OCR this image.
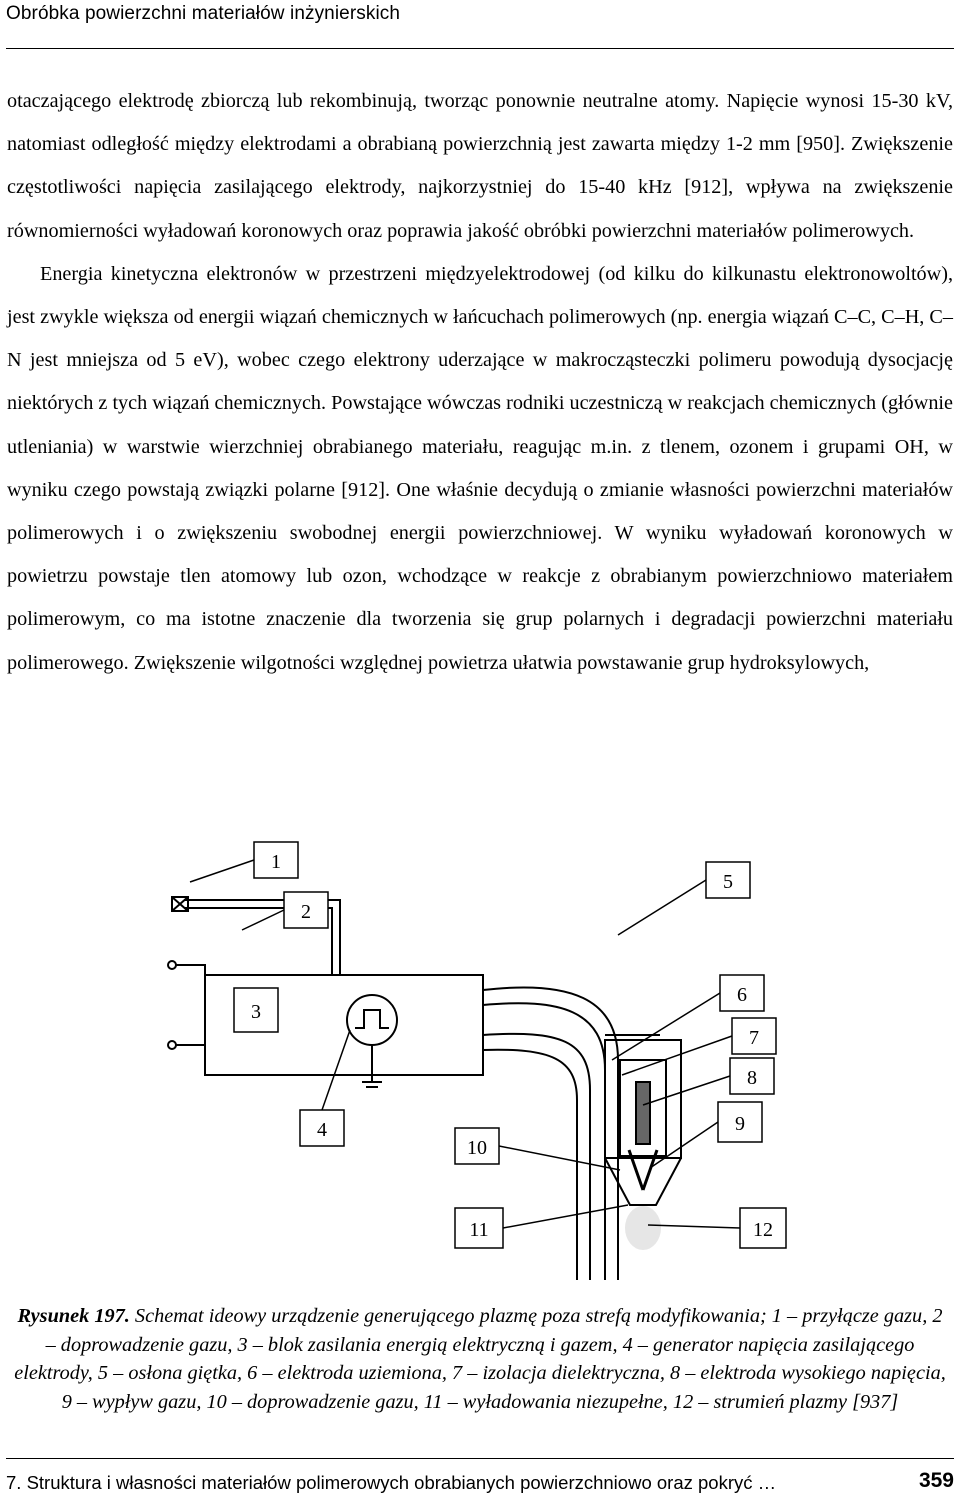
Obróbka powierzchni materiałów inżynierskich

otaczającego elektrodę zbiorczą lub rekombinują, tworząc ponownie neutralne atomy. Napięcie wynosi 15-30 kV, natomiast odległość między elektrodami a obrabianą powierzchnią jest zawarta między 1-2 mm [950]. Zwiększenie częstotliwości napięcia zasilającego elektrody, najkorzystniej do 15-40 kHz [912], wpływa na zwiększenie równomierności wyładowań koronowych oraz poprawia jakość obróbki powierzchni materiałów polimerowych.

Energia kinetyczna elektronów w przestrzeni międzyelektrodowej (od kilku do kilkunastu elektronowoltów), jest zwykle większa od energii wiązań chemicznych w łańcuchach polimerowych (np. energia wiązań C–C, C–H, C–N jest mniejsza od 5 eV), wobec czego elektrony uderzające w makrocząsteczki polimeru powodują dysocjację niektórych z tych wiązań chemicznych. Powstające wówczas rodniki uczestniczą w reakcjach chemicznych (głównie utleniania) w warstwie wierzchniej obrabianego materiału, reagując m.in. z tlenem, ozonem i grupami OH, w wyniku czego powstają związki polarne [912]. One właśnie decydują o zmianie własności powierzchni materiałów polimerowych i o zwiększeniu swobodnej energii powierzchniowej. W wyniku wyładowań koronowych w powietrzu powstaje tlen atomowy lub ozon, wchodzące w reakcje z obrabianym powierzchniowo materiałem polimerowym, co ma istotne znaczenie dla tworzenia się grup polarnych i degradacji powierzchni materiału polimerowego. Zwiększenie wilgotności względnej powietrza ułatwia powstawanie grup hydroksylowych,

1
2
3
4
5
6
7
8
9
10
11	12
Rysunek 197. Schemat ideowy urządzenie generującego plazmę poza strefą modyfikowania; 1 – przyłącze gazu, 2 – doprowadzenie gazu, 3 – blok zasilania energią elektryczną i gazem, 4 – generator napięcia zasilającego elektrody, 5 – osłona giętka, 6 – elektroda uziemiona, 7 – izolacja dielektryczna, 8 – elektroda wysokiego napięcia, 9 – wypływ gazu, 10 – doprowadzenie gazu, 11 – wyładowania niezupełne, 12 – strumień plazmy [937]
7. Struktura i własności materiałów polimerowych obrabianych powierzchniowo oraz pokryć …	359
